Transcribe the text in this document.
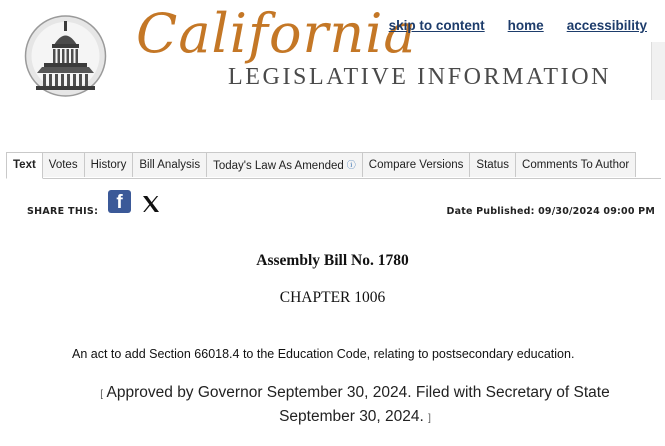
California
LEGISLATIVE INFORMATION
skip to content home accessibility
Text	Votes	History	Bill Analysis	Today's Law As Amended ⓘ	Compare Versions	Status	Comments To Author
SHARE THIS: f	Date Published: 09/30/2024 09:00 PM
Assembly Bill No. 1780
CHAPTER 1006
An act to add Section 66018.4 to the Education Code, relating to postsecondary education.
[ Approved by Governor September 30, 2024. Filed with Secretary of State September 30, 2024. ]
